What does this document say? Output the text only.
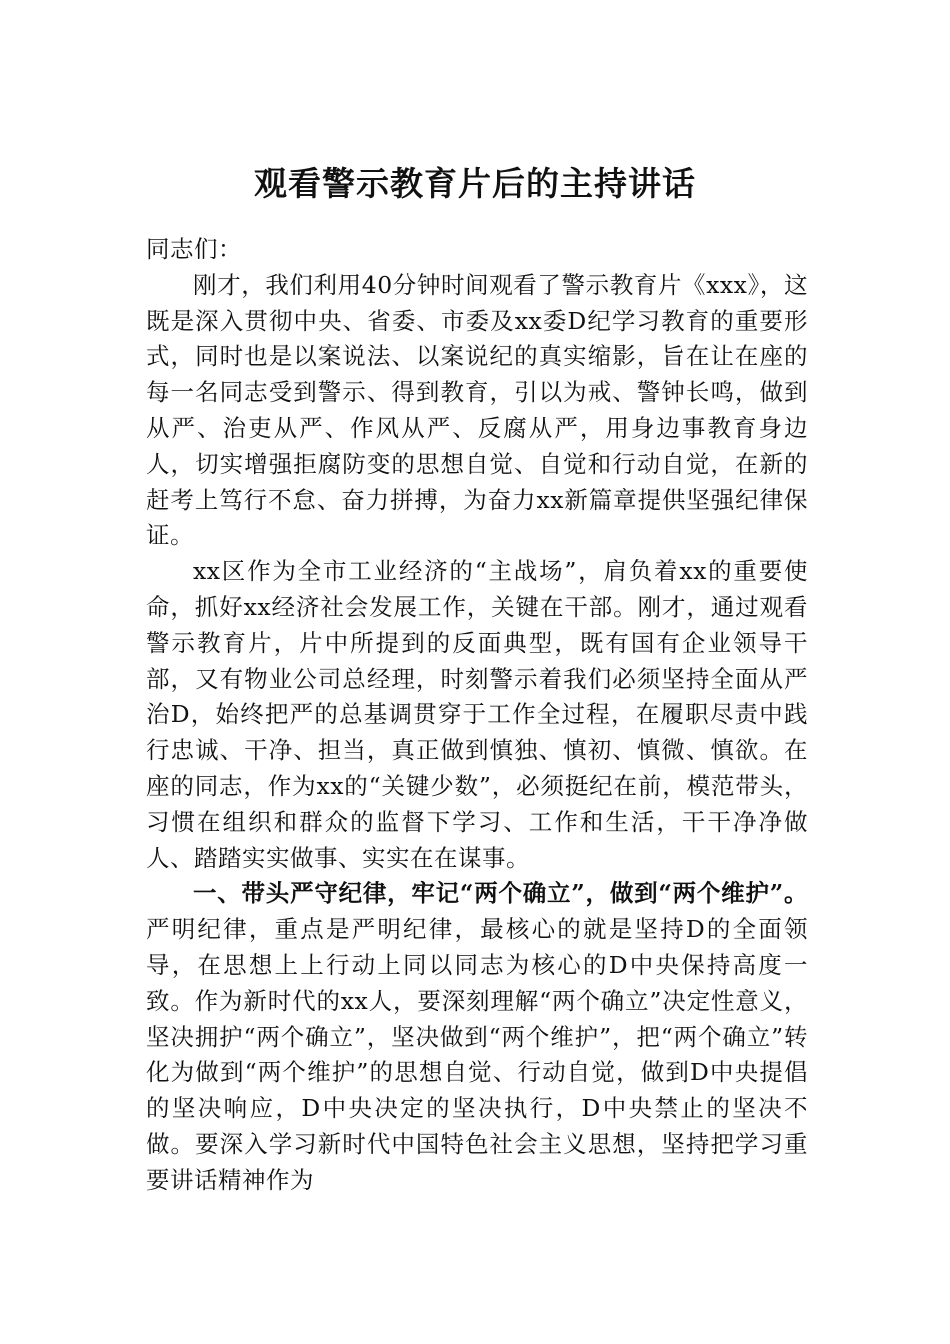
观看警示教育片后的主持讲话

同志们：

刚才，我们利用40分钟时间观看了警示教育片《xxx》，这既是深入贯彻中央、省委、市委及xx委D纪学习教育的重要形式，同时也是以案说法、以案说纪的真实缩影，旨在让在座的每一名同志受到警示、得到教育，引以为戒、警钟长鸣，做到从严、治吏从严、作风从严、反腐从严，用身边事教育身边人，切实增强拒腐防变的思想自觉、自觉和行动自觉，在新的赶考上笃行不怠、奋力拼搏，为奋力xx新篇章提供坚强纪律保证。

xx区作为全市工业经济的“主战场”，肩负着xx的重要使命，抓好xx经济社会发展工作，关键在干部。刚才，通过观看警示教育片，片中所提到的反面典型，既有国有企业领导干部，又有物业公司总经理，时刻警示着我们必须坚持全面从严治D，始终把严的总基调贯穿于工作全过程，在履职尽责中践行忠诚、干净、担当，真正做到慎独、慎初、慎微、慎欲。在座的同志，作为xx的“关键少数”，必须挺纪在前，模范带头，习惯在组织和群众的监督下学习、工作和生活，干干净净做人、踏踏实实做事、实实在在谋事。

一、带头严守纪律，牢记“两个确立”，做到“两个维护”。严明纪律，重点是严明纪律，最核心的就是坚持D的全面领导，在思想上上行动上同以同志为核心的D中央保持高度一致。作为新时代的xx人，要深刻理解“两个确立”决定性意义，坚决拥护“两个确立”，坚决做到“两个维护”，把“两个确立”转化为做到“两个维护”的思想自觉、行动自觉，做到D中央提倡的坚决响应，D中央决定的坚决执行，D中央禁止的坚决不做。要深入学习新时代中国特色社会主义思想，坚持把学习重要讲话精神作为
